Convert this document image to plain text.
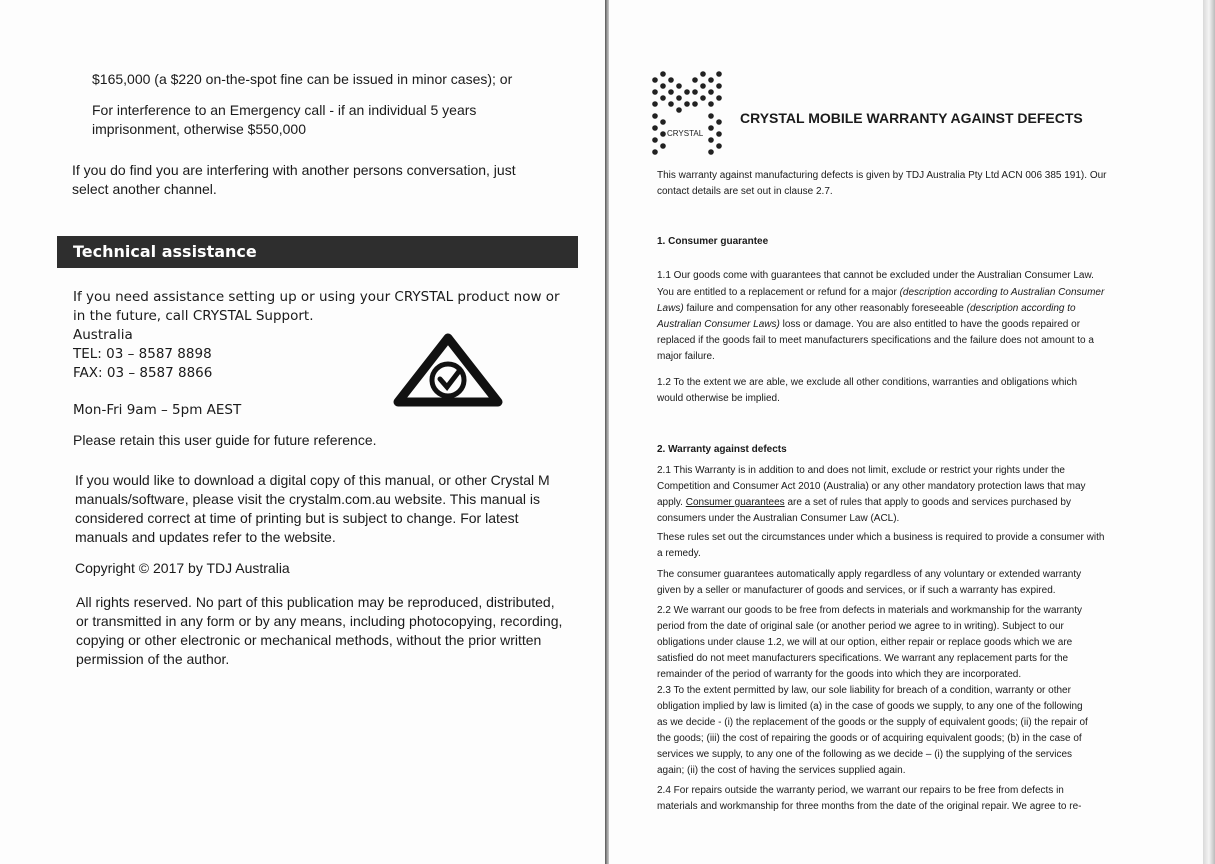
$165,000 (a $220 on-the-spot fine can be issued in minor cases); or

For interference to an Emergency call - if an individual 5 years

imprisonment, otherwise $550,000

If you do find you are interfering with another persons conversation, just

select another channel.

Technical assistance

If you need assistance setting up or using your CRYSTAL product now or

in the future, call CRYSTAL Support.

Australia

TEL: 03 – 8587 8898

FAX: 03 – 8587 8866

Mon-Fri 9am – 5pm AEST

Please retain this user guide for future reference.

If you would like to download a digital copy of this manual, or other Crystal M

manuals/software, please visit the crystalm.com.au website. This manual is

considered correct at time of printing but is subject to change. For latest

manuals and updates refer to the website.

Copyright © 2017 by TDJ Australia

All rights reserved. No part of this publication may be reproduced, distributed,

or transmitted in any form or by any means, including photocopying, recording,

copying or other electronic or mechanical methods, without the prior written

permission of the author.

CRYSTAL
CRYSTAL MOBILE WARRANTY AGAINST DEFECTS

This warranty against manufacturing defects is given by TDJ Australia Pty Ltd ACN 006 385 191). Our

contact details are set out in clause 2.7.

1. Consumer guarantee

1.1 Our goods come with guarantees that cannot be excluded under the Australian Consumer Law.

You are entitled to a replacement or refund for a major (description according to Australian Consumer

Laws) failure and compensation for any other reasonably foreseeable (description according to

Australian Consumer Laws) loss or damage. You are also entitled to have the goods repaired or

replaced if the goods fail to meet manufacturers specifications and the failure does not amount to a

major failure.

1.2 To the extent we are able, we exclude all other conditions, warranties and obligations which

would otherwise be implied.

2. Warranty against defects

2.1 This Warranty is in addition to and does not limit, exclude or restrict your rights under the

Competition and Consumer Act 2010 (Australia) or any other mandatory protection laws that may

apply. Consumer guarantees are a set of rules that apply to goods and services purchased by

consumers under the Australian Consumer Law (ACL).

These rules set out the circumstances under which a business is required to provide a consumer with

a remedy.

The consumer guarantees automatically apply regardless of any voluntary or extended warranty

given by a seller or manufacturer of goods and services, or if such a warranty has expired.

2.2 We warrant our goods to be free from defects in materials and workmanship for the warranty

period from the date of original sale (or another period we agree to in writing). Subject to our

obligations under clause 1.2, we will at our option, either repair or replace goods which we are

satisfied do not meet manufacturers specifications. We warrant any replacement parts for the

remainder of the period of warranty for the goods into which they are incorporated.

2.3 To the extent permitted by law, our sole liability for breach of a condition, warranty or other

obligation implied by law is limited (a) in the case of goods we supply, to any one of the following

as we decide - (i) the replacement of the goods or the supply of equivalent goods; (ii) the repair of

the goods; (iii) the cost of repairing the goods or of acquiring equivalent goods; (b) in the case of

services we supply, to any one of the following as we decide – (i) the supplying of the services

again; (ii) the cost of having the services supplied again.

2.4 For repairs outside the warranty period, we warrant our repairs to be free from defects in

materials and workmanship for three months from the date of the original repair. We agree to re-
